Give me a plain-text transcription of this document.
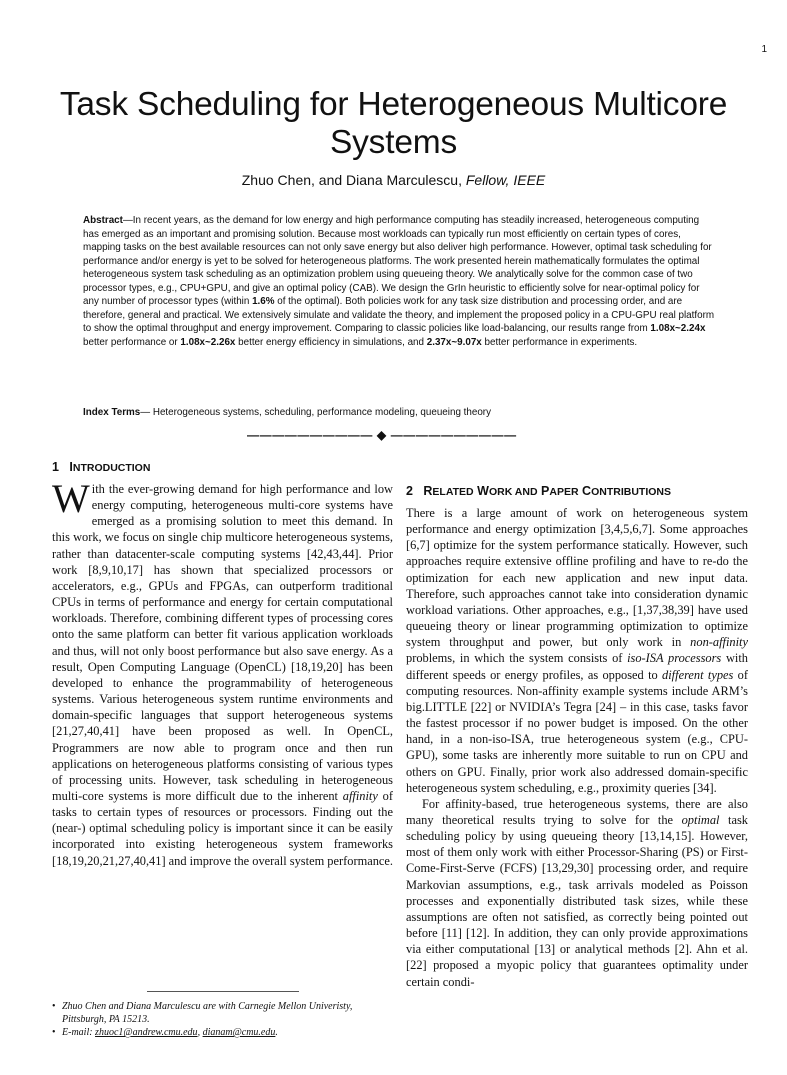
1
Task Scheduling for Heterogeneous Multicore Systems
Zhuo Chen, and Diana Marculescu, Fellow, IEEE
Abstract—In recent years, as the demand for low energy and high performance computing has steadily increased, heterogeneous computing has emerged as an important and promising solution. Because most workloads can typically run most efficiently on certain types of cores, mapping tasks on the best available resources can not only save energy but also deliver high performance. However, optimal task scheduling for performance and/or energy is yet to be solved for heterogeneous platforms. The work presented herein mathematically formulates the optimal heterogeneous system task scheduling as an optimization problem using queueing theory. We analytically solve for the common case of two processor types, e.g., CPU+GPU, and give an optimal policy (CAB). We design the GrIn heuristic to efficiently solve for near-optimal policy for any number of processor types (within 1.6% of the optimal). Both policies work for any task size distribution and processing order, and are therefore, general and practical. We extensively simulate and validate the theory, and implement the proposed policy in a CPU-GPU real platform to show the optimal throughput and energy improvement. Comparing to classic policies like load-balancing, our results range from 1.08x~2.24x better performance or 1.08x~2.26x better energy efficiency in simulations, and 2.37x~9.07x better performance in experiments.
Index Terms— Heterogeneous systems, scheduling, performance modeling, queueing theory
—————————— ◆ ——————————
1 INTRODUCTION

With the ever-growing demand for high performance and low energy computing, heterogeneous multi-core systems have emerged as a promising solution to meet this demand. In this work, we focus on single chip multicore heterogeneous systems, rather than datacenter-scale computing systems [42,43,44]. Prior work [8,9,10,17] has shown that specialized processors or accelerators, e.g., GPUs and FPGAs, can outperform traditional CPUs in terms of performance and energy for certain computational workloads. Therefore, combining different types of processing cores onto the same platform can better fit various application workloads and thus, will not only boost performance but also save energy. As a result, Open Computing Language (OpenCL) [18,19,20] has been developed to enhance the programmability of heterogeneous systems. Various heterogeneous system runtime environments and domain-specific languages that support heterogeneous systems [21,27,40,41] have been proposed as well. In OpenCL, Programmers are now able to program once and then run applications on heterogeneous platforms consisting of various types of processing units. However, task scheduling in heterogeneous multi-core systems is more difficult due to the inherent affinity of tasks to certain types of resources or processors. Finding out the (near-) optimal scheduling policy is important since it can be easily incorporated into existing heterogeneous system frameworks [18,19,20,21,27,40,41] and improve the overall system performance.

2 RELATED WORK AND PAPER CONTRIBUTIONS

There is a large amount of work on heterogeneous system performance and energy optimization [3,4,5,6,7]. Some approaches [6,7] optimize for the system performance statically. However, such approaches require extensive offline profiling and have to re-do the optimization for each new application and new input data. Therefore, such approaches cannot take into consideration dynamic workload variations. Other approaches, e.g., [1,37,38,39] have used queueing theory or linear programming optimization to optimize system throughput and power, but only work in non-affinity problems, in which the system consists of iso-ISA processors with different speeds or energy profiles, as opposed to different types of computing resources. Non-affinity example systems include ARM’s big.LITTLE [22] or NVIDIA’s Tegra [24] – in this case, tasks favor the fastest processor if no power budget is imposed. On the other hand, in a non-iso-ISA, true heterogeneous system (e.g., CPU-GPU), some tasks are inherently more suitable to run on CPU and others on GPU. Finally, prior work also addressed domain-specific heterogeneous system scheduling, e.g., proximity queries [34].

For affinity-based, true heterogeneous systems, there are also many theoretical results trying to solve for the optimal task scheduling policy by using queueing theory [13,14,15]. However, most of them only work with either Processor-Sharing (PS) or First-Come-First-Serve (FCFS) [13,29,30] processing order, and require Markovian assumptions, e.g., task arrivals modeled as Poisson processes and exponentially distributed task sizes, while these assumptions are often not satisfied, as correctly being pointed out before [11] [12]. In addition, they can only provide approximations via either computational [13] or analytical methods [2]. Ahn et al. [22] proposed a myopic policy that guarantees optimality under certain condi-

• Zhuo Chen and Diana Marculescu are with Carnegie Mellon Univeristy, Pittsburgh, PA 15213.
• E-mail: zhuoc1@andrew.cmu.edu, dianam@cmu.edu.
